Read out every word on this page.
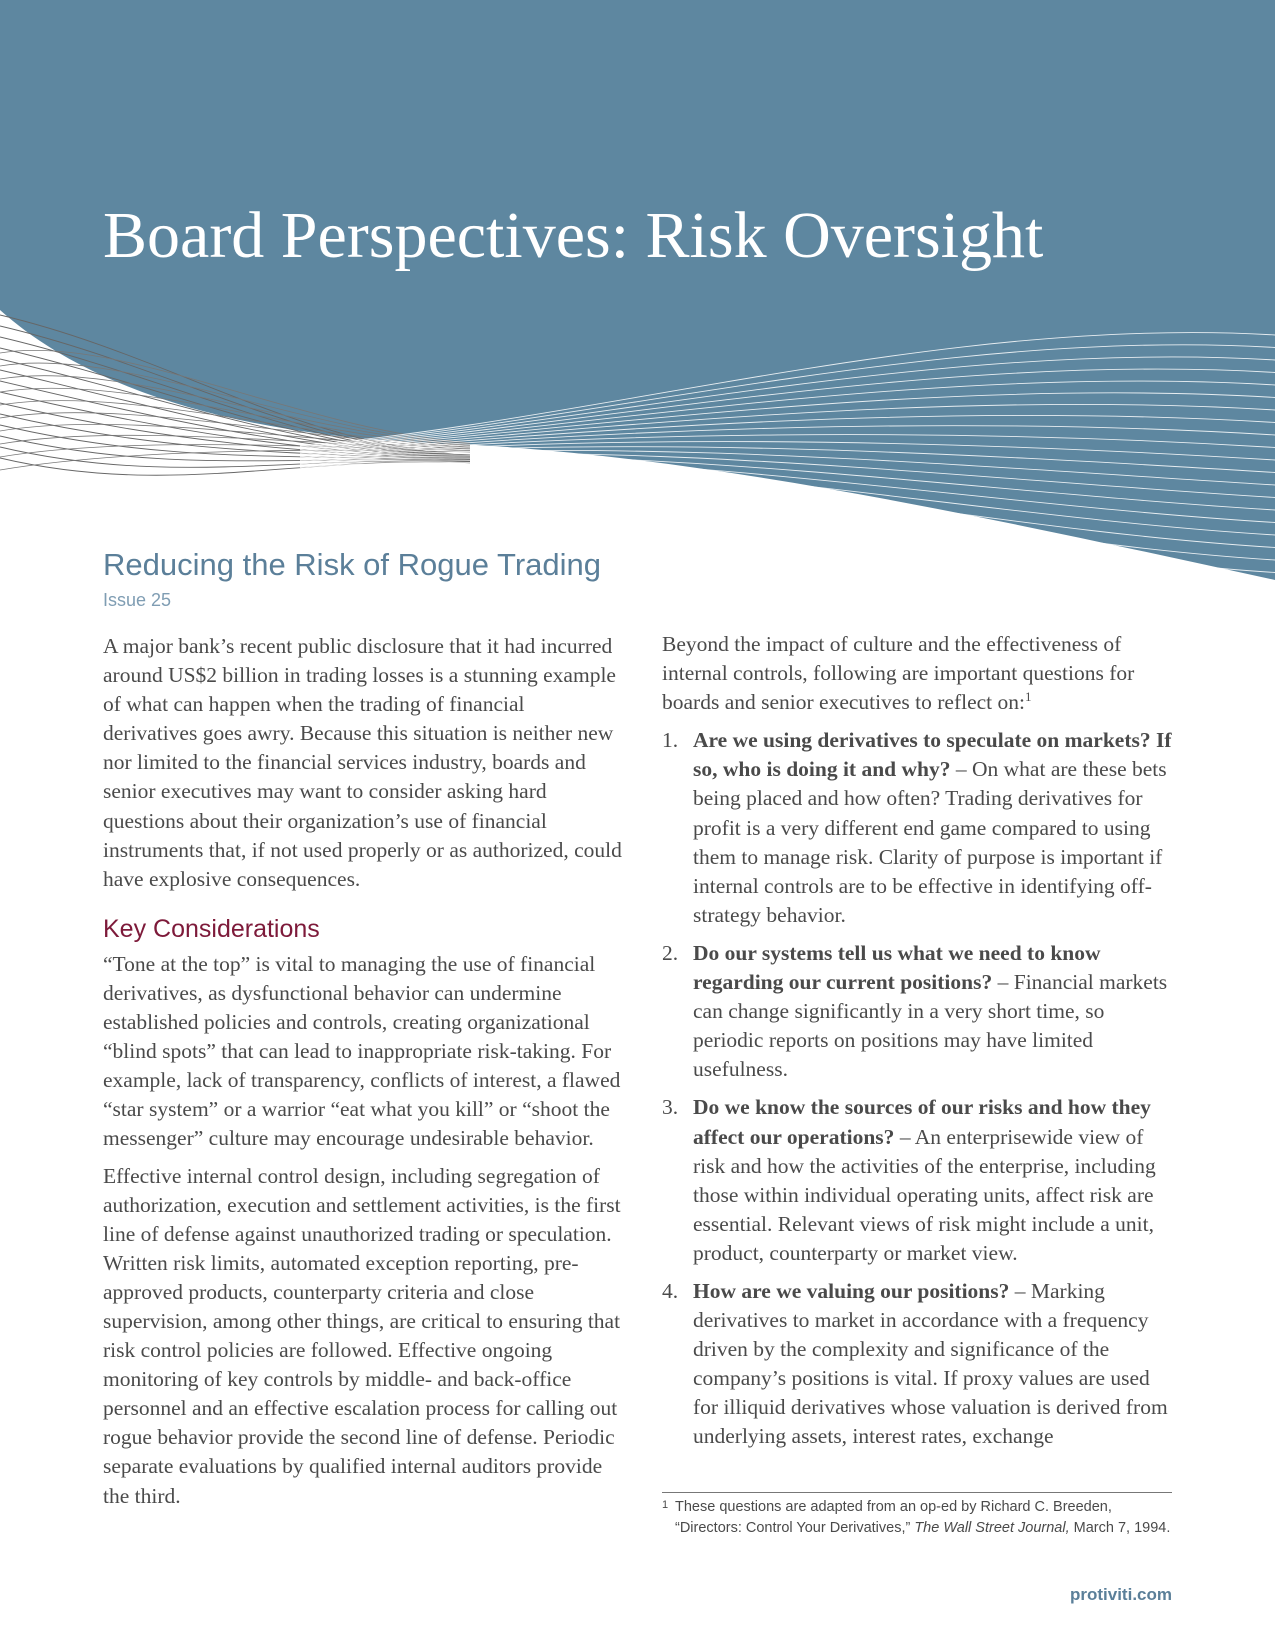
Board Perspectives: Risk Oversight
Reducing the Risk of Rogue Trading
Issue 25

A major bank’s recent public disclosure that it had incurred around US$2 billion in trading losses is a stunning example of what can happen when the trading of financial derivatives goes awry. Because this situation is neither new nor limited to the financial services industry, boards and senior executives may want to consider asking hard questions about their organization’s use of financial instruments that, if not used properly or as authorized, could have explosive consequences.

Key Considerations

“Tone at the top” is vital to managing the use of financial derivatives, as dysfunctional behavior can undermine established policies and controls, creating organizational “blind spots” that can lead to inappropriate risk-taking. For example, lack of transparency, conflicts of interest, a flawed “star system” or a warrior “eat what you kill” or “shoot the messenger” culture may encourage undesirable behavior.

Effective internal control design, including segregation of authorization, execution and settlement activities, is the first line of defense against unauthorized trading or speculation. Written risk limits, automated exception reporting, pre-approved products, counterparty criteria and close supervision, among other things, are critical to ensuring that risk control policies are followed. Effective ongoing monitoring of key controls by middle- and back-office personnel and an effective escalation process for calling out rogue behavior provide the second line of defense. Periodic separate evaluations by qualified internal auditors provide the third.

Beyond the impact of culture and the effectiveness of internal controls, following are important questions for boards and senior executives to reflect on:$^1$

1. Are we using derivatives to speculate on markets? If so, who is doing it and why? – On what are these bets being placed and how often? Trading derivatives for profit is a very different end game compared to using them to manage risk. Clarity of purpose is important if internal controls are to be effective in identifying off-strategy behavior.
2. Do our systems tell us what we need to know regarding our current positions? – Financial markets can change significantly in a very short time, so periodic reports on positions may have limited usefulness.
3. Do we know the sources of our risks and how they affect our operations? – An enterprisewide view of risk and how the activities of the enterprise, including those within individual operating units, affect risk are essential. Relevant views of risk might include a unit, product, counterparty or market view.
4. How are we valuing our positions? – Marking derivatives to market in accordance with a frequency driven by the complexity and significance of the company’s positions is vital. If proxy values are used for illiquid derivatives whose valuation is derived from underlying assets, interest rates, exchange
1 These questions are adapted from an op-ed by Richard C. Breeden, “Directors: Control Your Derivatives,” The Wall Street Journal, March 7, 1994.
protiviti.com
